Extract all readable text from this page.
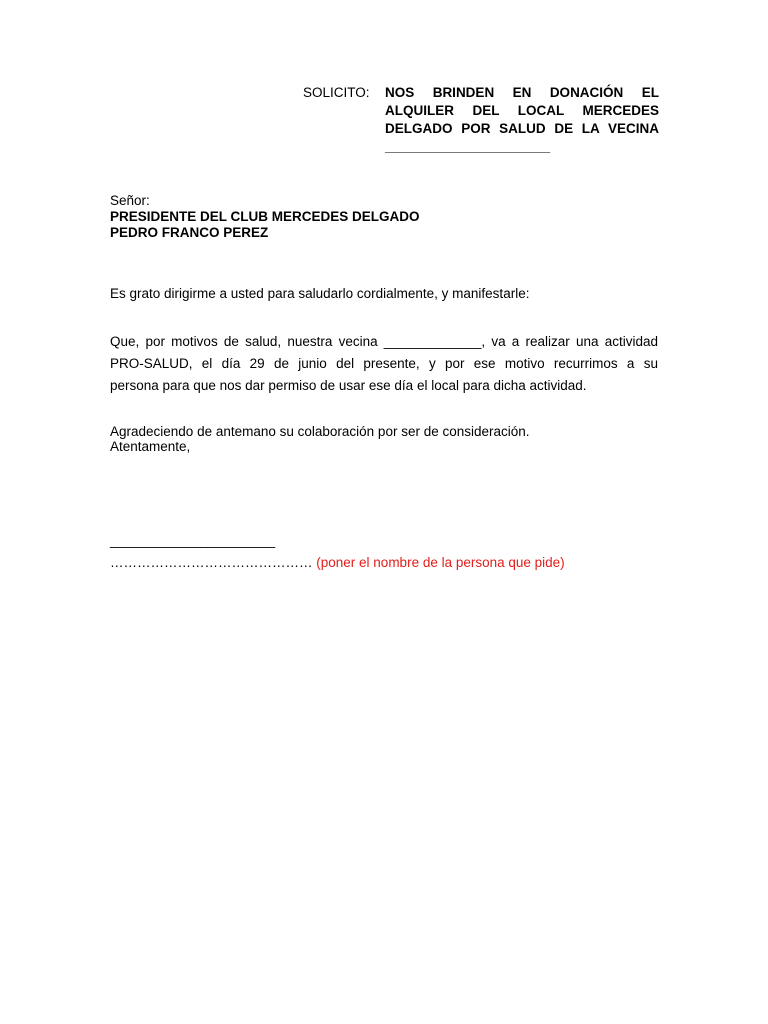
SOLICITO: NOS BRINDEN EN DONACIÓN EL
ALQUILER DEL LOCAL MERCEDES
DELGADO POR SALUD DE LA VECINA
______________________
Señor:
PRESIDENTE DEL CLUB MERCEDES DELGADO
PEDRO FRANCO PEREZ
Es grato dirigirme a usted para saludarlo cordialmente, y manifestarle:
Que, por motivos de salud, nuestra vecina _____________, va a realizar una actividad
PRO-SALUD, el día 29 de junio del presente, y por ese motivo recurrimos a su
persona para que nos dar permiso de usar ese día el local para dicha actividad.
Agradeciendo de antemano su colaboración por ser de consideración.
Atentamente,
______________________
……………………………………… (poner el nombre de la persona que pide)
